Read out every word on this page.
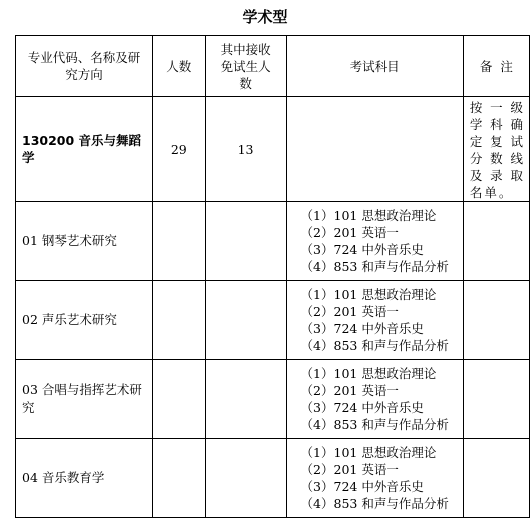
学术型
专业代码、名称及研究方向	人数	其中接收免试生人数	考试科目	备  注
130200 音乐与舞蹈学	29	13		按一级学科确定复试分数线及录取名单。
01 钢琴艺术研究			（1）101 思想政治理论
（2）201 英语一
（3）724 中外音乐史
（4）853 和声与作品分析	

02 声乐艺术研究			（1）101 思想政治理论
（2）201 英语一
（3）724 中外音乐史
（4）853 和声与作品分析	

03 合唱与指挥艺术研究			（1）101 思想政治理论
（2）201 英语一
（3）724 中外音乐史
（4）853 和声与作品分析	

04 音乐教育学			（1）101 思想政治理论
（2）201 英语一
（3）724 中外音乐史
（4）853 和声与作品分析	
